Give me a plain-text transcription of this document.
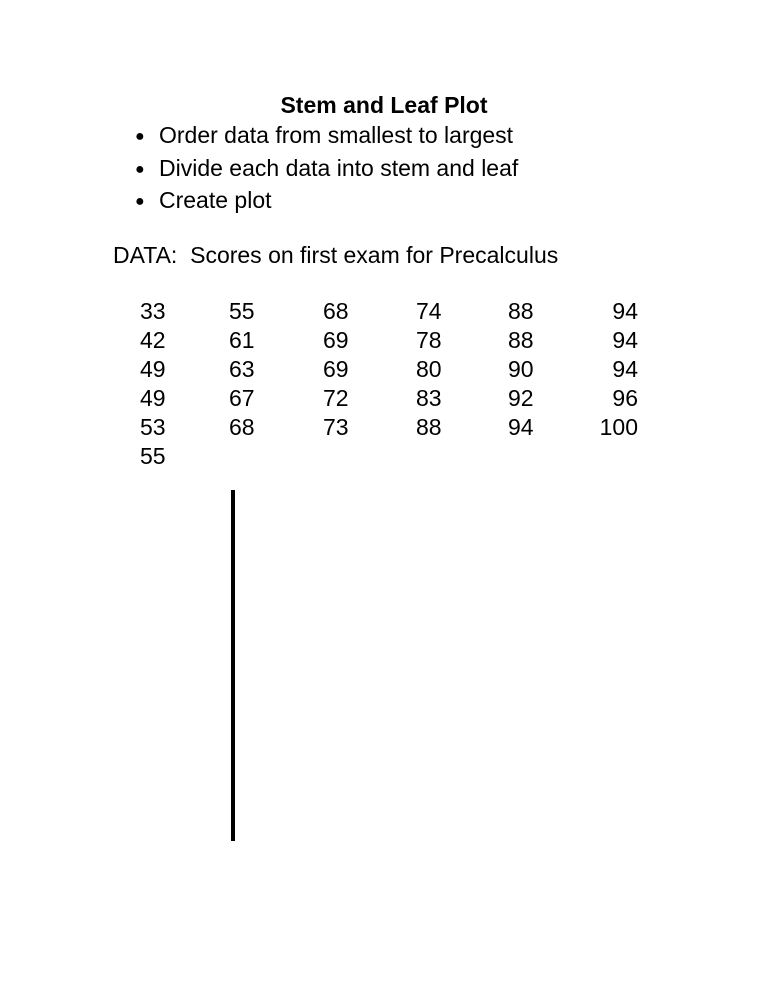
Stem and Leaf Plot
● Order data from smallest to largest
● Divide each data into stem and leaf
● Create plot
DATA:  Scores on first exam for Precalculus
33
42
49
49
53
55
55
61
63
67
68
68
69
69
72
73
74
78
80
83
88
88
88
90
92
94
94
94
94
96
100
